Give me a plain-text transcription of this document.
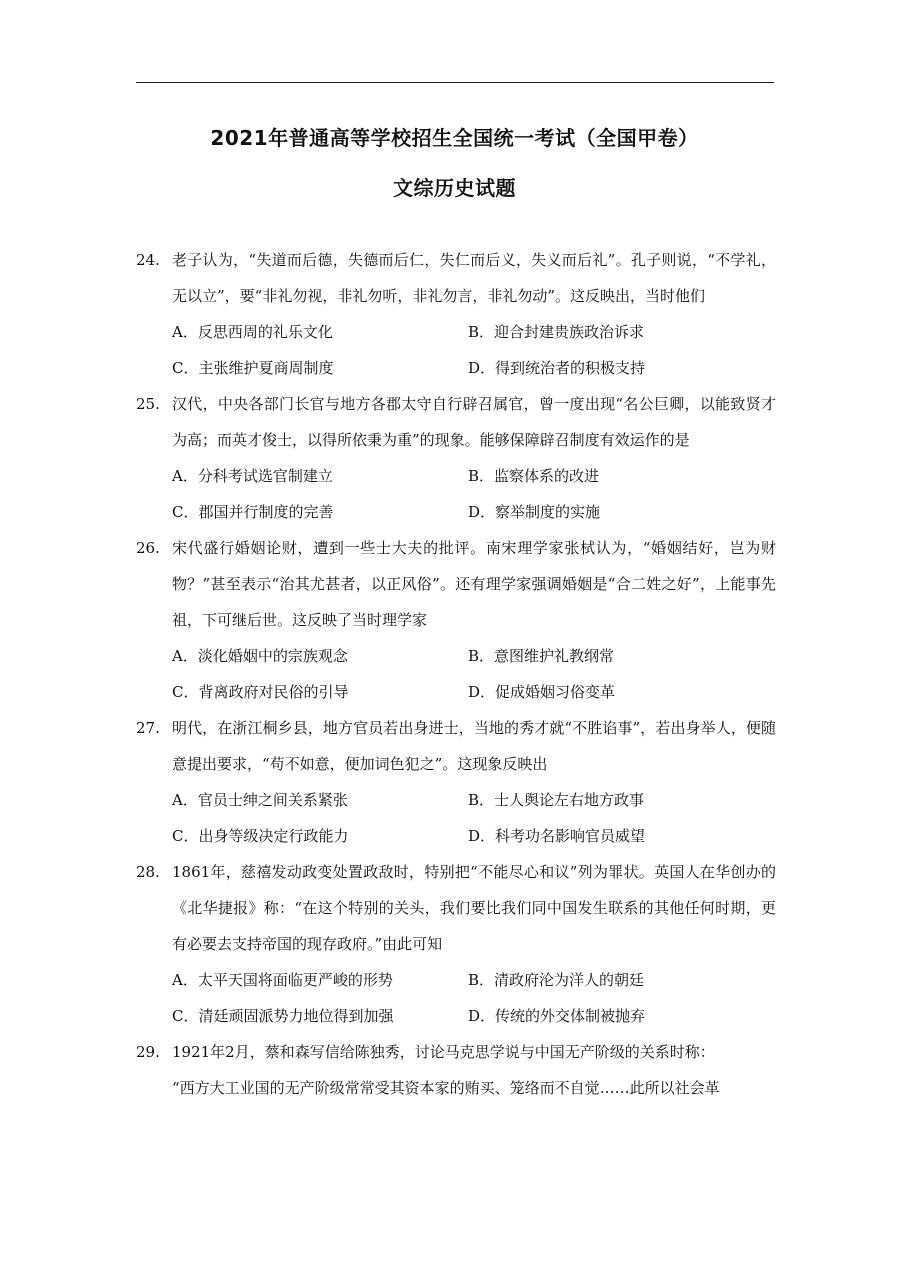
2021年普通高等学校招生全国统一考试（全国甲卷）
文综历史试题
24. 老子认为，“失道而后德，失德而后仁，失仁而后义，失义而后礼”。孔子则说，“不学礼，无以立”，要“非礼勿视，非礼勿听，非礼勿言，非礼勿动”。这反映出，当时他们
A．反思西周的礼乐文化	B．迎合封建贵族政治诉求
C．主张维护夏商周制度	D．得到统治者的积极支持
25. 汉代，中央各部门长官与地方各郡太守自行辟召属官，曾一度出现“名公巨卿，以能致贤才为高；而英才俊士，以得所依秉为重”的现象。能够保障辟召制度有效运作的是
A．分科考试选官制建立	B．监察体系的改进
C．郡国并行制度的完善	D．察举制度的实施
26. 宋代盛行婚姻论财，遭到一些士大夫的批评。南宋理学家张栻认为，“婚姻结好，岂为财物？”甚至表示“治其尤甚者，以正风俗”。还有理学家强调婚姻是“合二姓之好”，上能事先祖，下可继后世。这反映了当时理学家
A．淡化婚姻中的宗族观念	B．意图维护礼教纲常
C．背离政府对民俗的引导	D．促成婚姻习俗变革
27. 明代，在浙江桐乡县，地方官员若出身进士，当地的秀才就“不胜谄事”，若出身举人，便随意提出要求，“苟不如意，便加词色犯之”。这现象反映出
A．官员士绅之间关系紧张	B．士人舆论左右地方政事
C．出身等级决定行政能力	D．科考功名影响官员威望
28. 1861年，慈禧发动政变处置政敌时，特别把“不能尽心和议”列为罪状。英国人在华创办的《北华捷报》称：“在这个特别的关头，我们要比我们同中国发生联系的其他任何时期，更有必要去支持帝国的现存政府。”由此可知
A．太平天国将面临更严峻的形势	B．清政府沦为洋人的朝廷
C．清廷顽固派势力地位得到加强	D．传统的外交体制被抛弃
29. 1921年2月，蔡和森写信给陈独秀，讨论马克思学说与中国无产阶级的关系时称：
“西方大工业国的无产阶级常常受其资本家的贿买、笼络而不自觉……此所以社会革
